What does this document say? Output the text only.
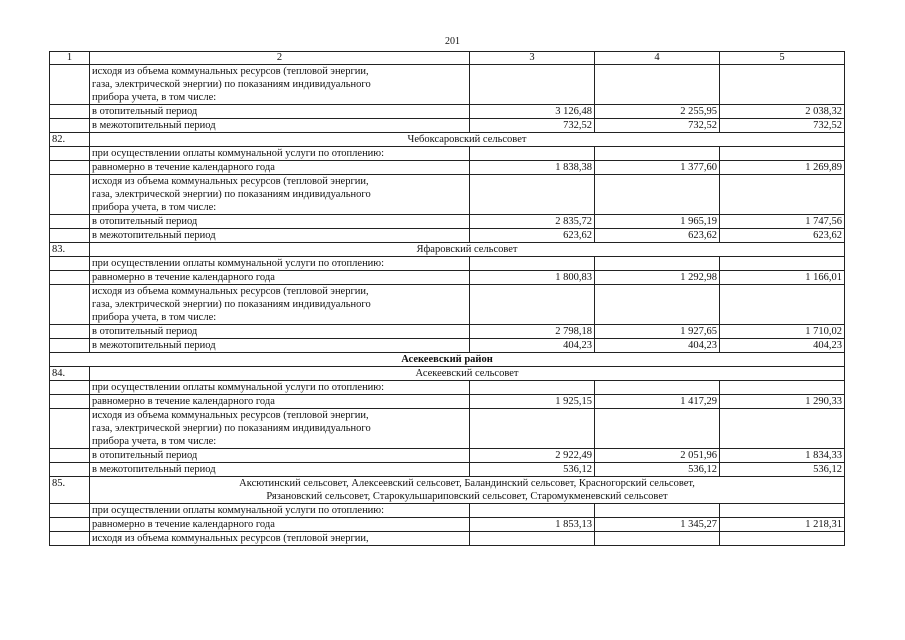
201
1	2	3	4	5

	исходя из объема коммунальных ресурсов (тепловой энергии,
газа, электрической энергии) по показаниям индивидуального
прибора учета, в том числе:			

	в отопительный период	3 126,48	2 255,95	2 038,32
	в межотопительный период	732,52	732,52	732,52
82.	Чебоксаровский сельсовет			
	при осуществлении оплаты коммунальной услуги по отоплению:			
	равномерно в течение календарного года	1 838,38	1 377,60	1 269,89

	исходя из объема коммунальных ресурсов (тепловой энергии,
газа, электрической энергии) по показаниям индивидуального
прибора учета, в том числе:			

	в отопительный период	2 835,72	1 965,19	1 747,56
	в межотопительный период	623,62	623,62	623,62
83.	Яфаровский сельсовет			
	при осуществлении оплаты коммунальной услуги по отоплению:			
	равномерно в течение календарного года	1 800,83	1 292,98	1 166,01

	исходя из объема коммунальных ресурсов (тепловой энергии,
газа, электрической энергии) по показаниям индивидуального
прибора учета, в том числе:			

	в отопительный период	2 798,18	1 927,65	1 710,02
	в межотопительный период	404,23	404,23	404,23
Асекеевский район				
84.	Асекеевский сельсовет			
	при осуществлении оплаты коммунальной услуги по отоплению:			
	равномерно в течение календарного года	1 925,15	1 417,29	1 290,33

	исходя из объема коммунальных ресурсов (тепловой энергии,
газа, электрической энергии) по показаниям индивидуального
прибора учета, в том числе:			

	в отопительный период	2 922,49	2 051,96	1 834,33
	в межотопительный период	536,12	536,12	536,12
85.	Аксютинский сельсовет, Алексеевский сельсовет, Баландинский сельсовет, Красногорский сельсовет,
Рязановский сельсовет, Старокульшариповский сельсовет, Старомукменевский сельсовет			

	при осуществлении оплаты коммунальной услуги по отоплению:			
	равномерно в течение календарного года	1 853,13	1 345,27	1 218,31
	исходя из объема коммунальных ресурсов (тепловой энергии,			
